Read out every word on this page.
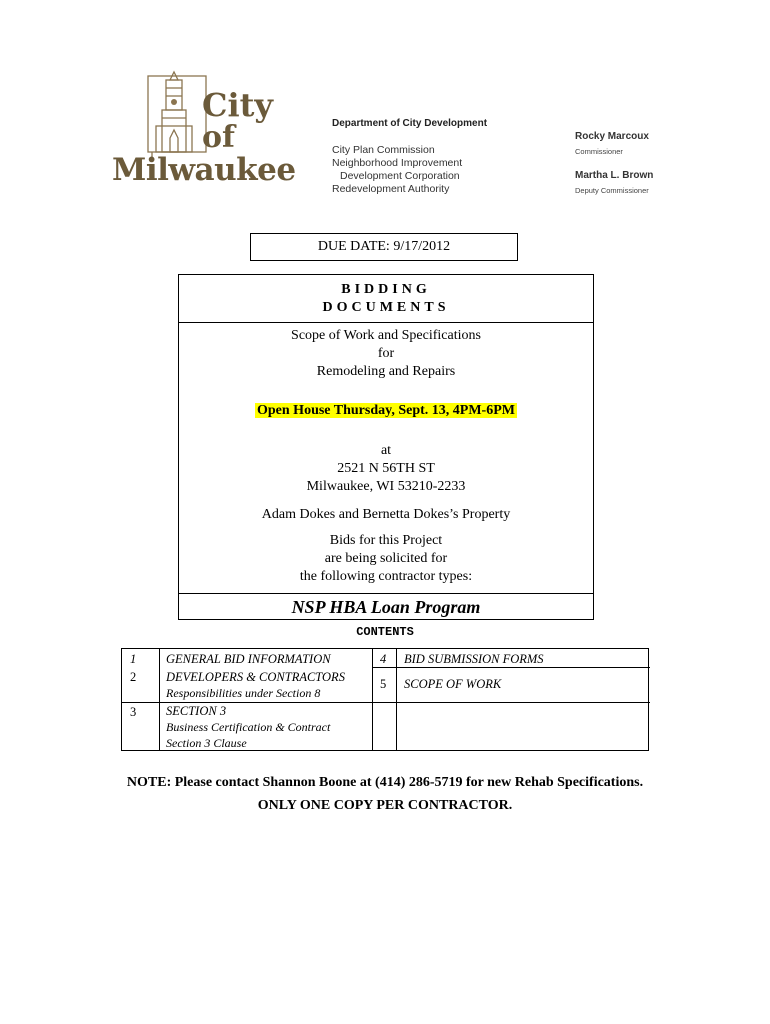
City
of
Milwaukee
Department of City Development
City Plan Commission
Neighborhood Improvement
Development Corporation
Redevelopment Authority
Rocky Marcoux
Commissioner
Martha L. Brown
Deputy Commissioner
DUE DATE: 9/17/2012
BIDDING
DOCUMENTS
Scope of Work and Specifications
for
Remodeling and Repairs
Open House Thursday, Sept. 13, 4PM-6PM
at
2521 N 56TH ST
Milwaukee, WI 53210-2233
Adam Dokes and Bernetta Dokes’s Property
Bids for this Project
are being solicited for
the following contractor types:
NSP HBA Loan Program
CONTENTS
1
2
3
GENERAL BID INFORMATION
DEVELOPERS & CONTRACTORS
Responsibilities under Section 8
SECTION 3
Business Certification & Contract
Section 3 Clause
4
5
BID SUBMISSION FORMS
SCOPE OF WORK
NOTE: Please contact Shannon Boone at (414) 286-5719 for new Rehab Specifications.
ONLY ONE COPY PER CONTRACTOR.
